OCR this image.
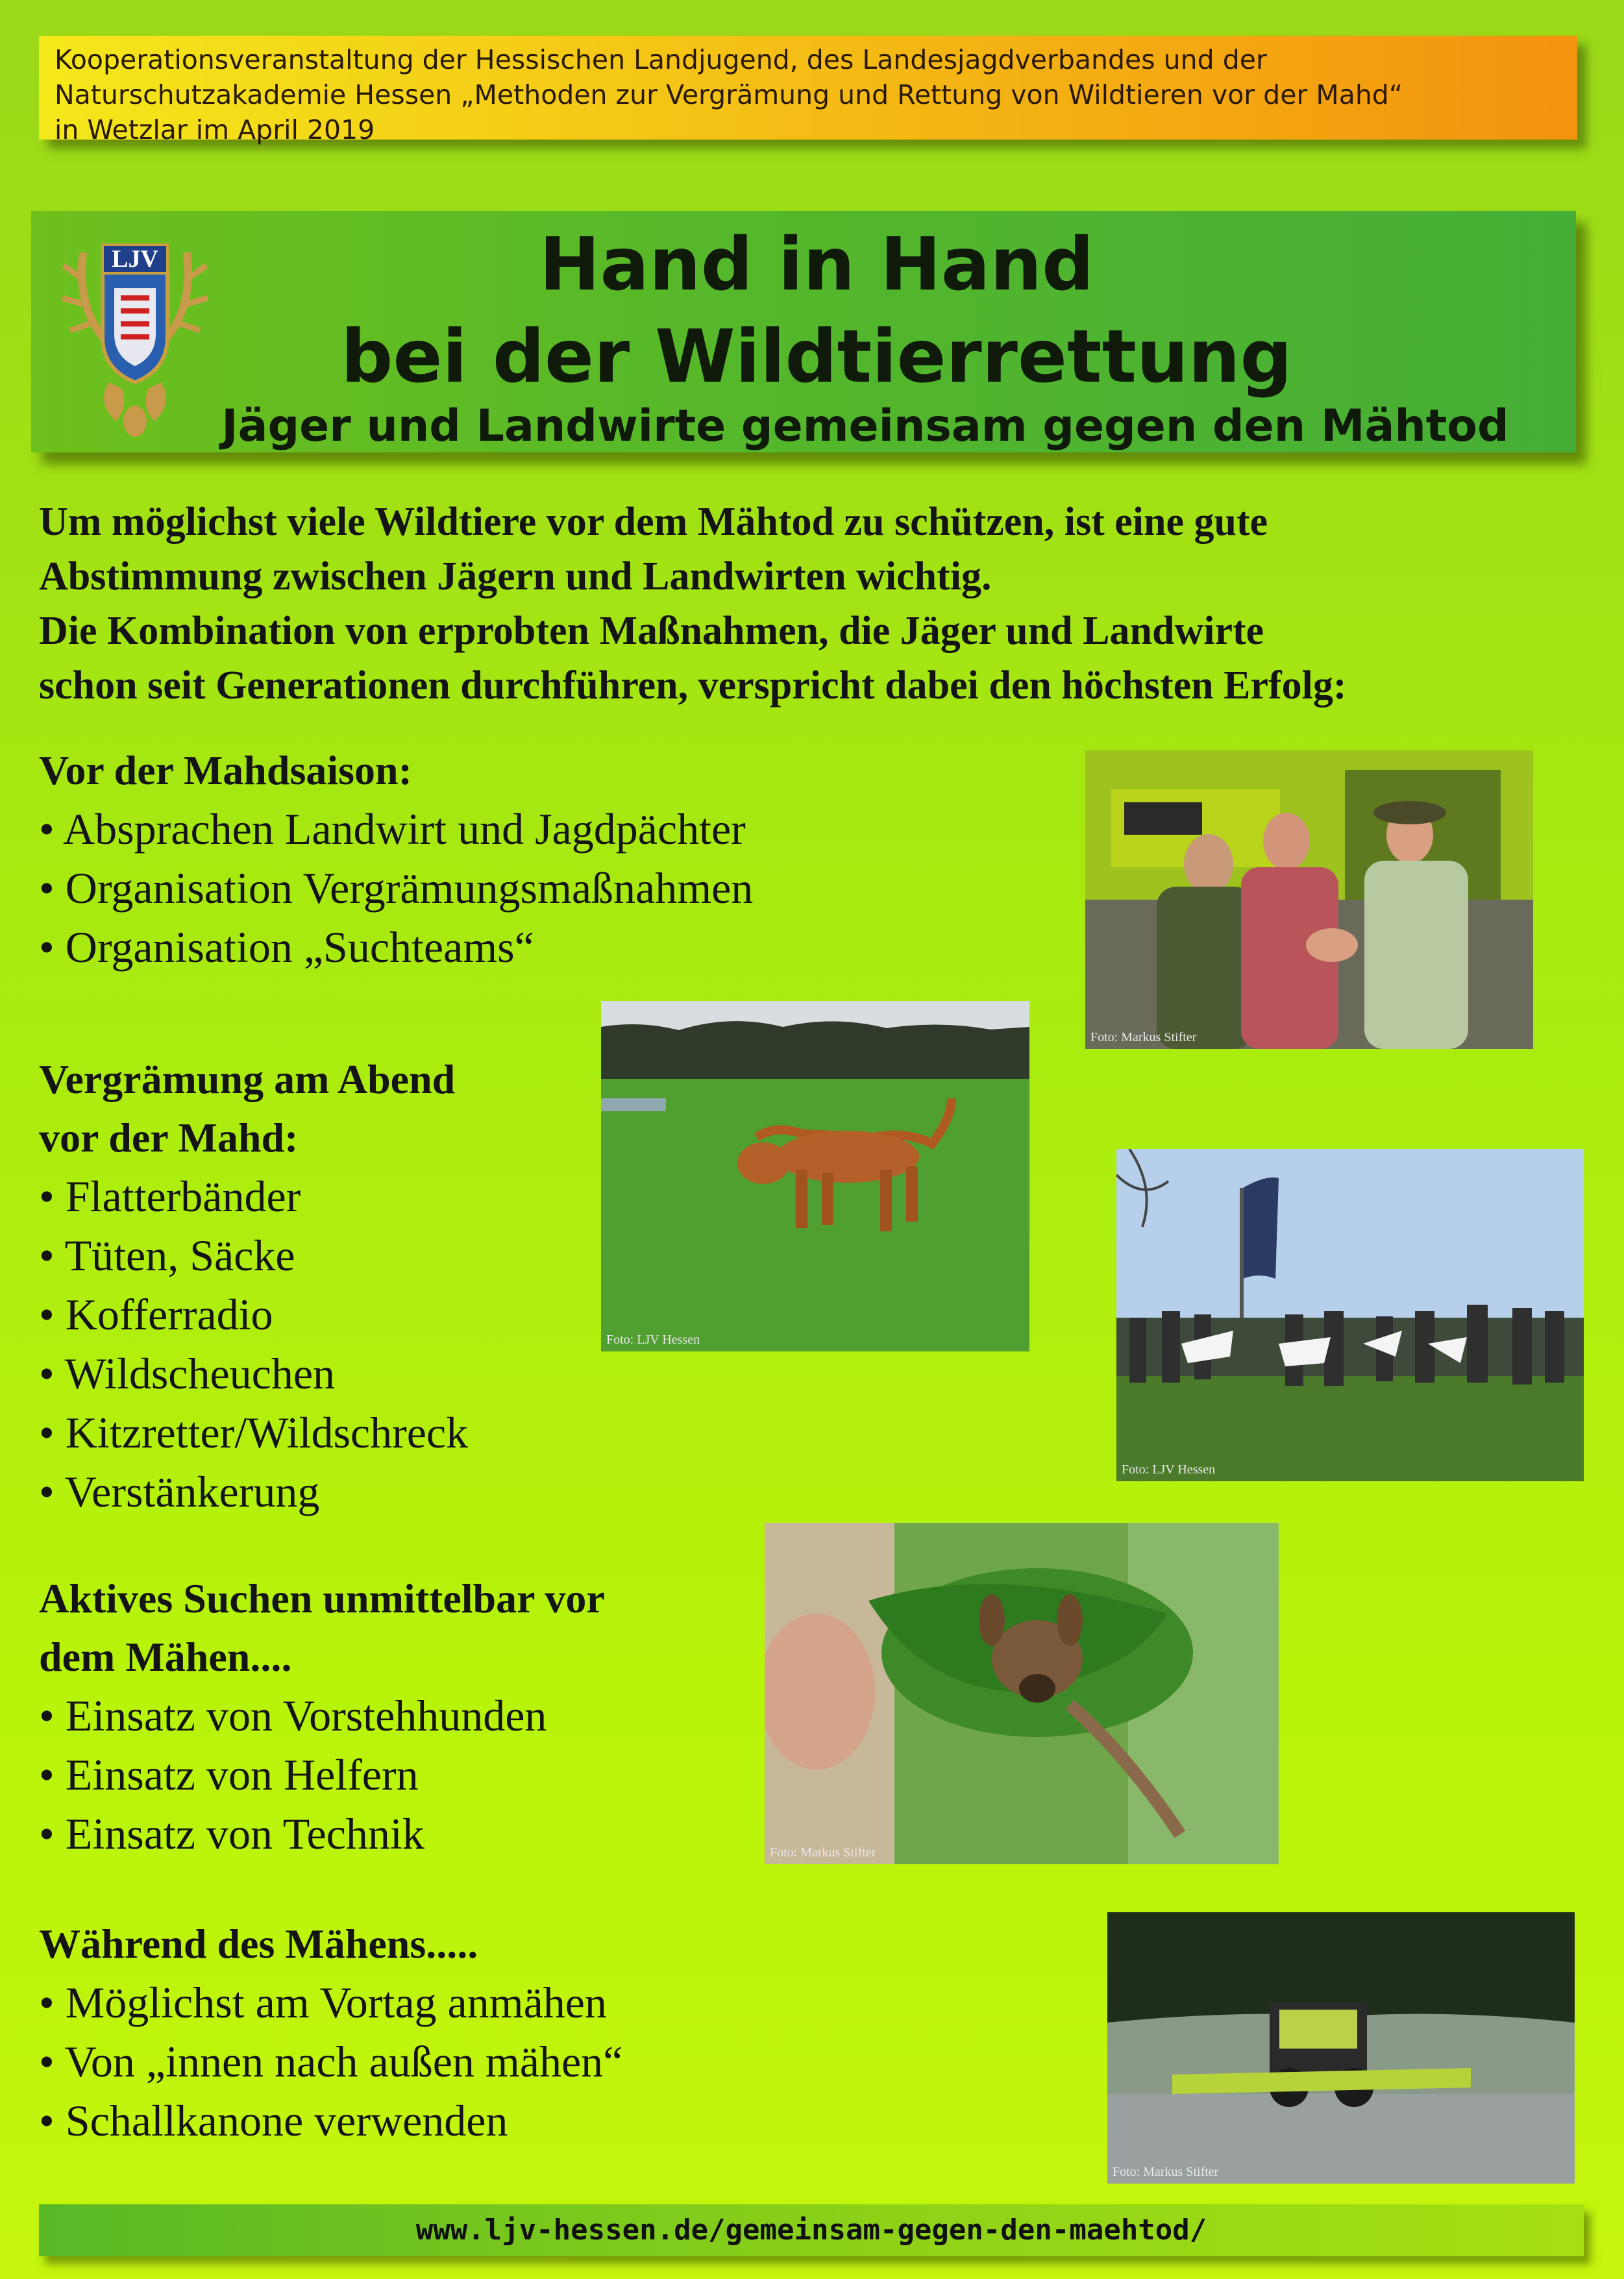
Kooperationsveranstaltung der Hessischen Landjugend, des Landesjagdverbandes und der
Naturschutzakademie Hessen „Methoden zur Vergrämung und Rettung von Wildtieren vor der Mahd“
in Wetzlar im April 2019
LJV	Hand in Hand
bei der Wildtierrettung
Jäger und Landwirte gemeinsam gegen den Mähtod
Um möglichst viele Wildtiere vor dem Mähtod zu schützen, ist eine gute
Abstimmung zwischen Jägern und Landwirten wichtig.
Die Kombination von erprobten Maßnahmen, die Jäger und Landwirte
schon seit Generationen durchführen, verspricht dabei den höchsten Erfolg:
Vor der Mahdsaison:
• Absprachen Landwirt und Jagdpächter
• Organisation Vergrämungsmaßnahmen
• Organisation „Suchteams“
Vergrämung am Abend
vor der Mahd:
• Flatterbänder
• Tüten, Säcke
• Kofferradio
• Wildscheuchen
• Kitzretter/Wildschreck
• Verstänkerung
Aktives Suchen unmittelbar vor
dem Mähen....
• Einsatz von Vorstehhunden
• Einsatz von Helfern
• Einsatz von Technik
Während des Mähens.....
• Möglichst am Vortag anmähen
• Von „innen nach außen mähen“
• Schallkanone verwenden
Foto: Markus Stifter
Foto: LJV Hessen
Foto: LJV Hessen
Foto: Markus Stifter
Foto: Markus Stifter
www.ljv-hessen.de/gemeinsam-gegen-den-maehtod/
